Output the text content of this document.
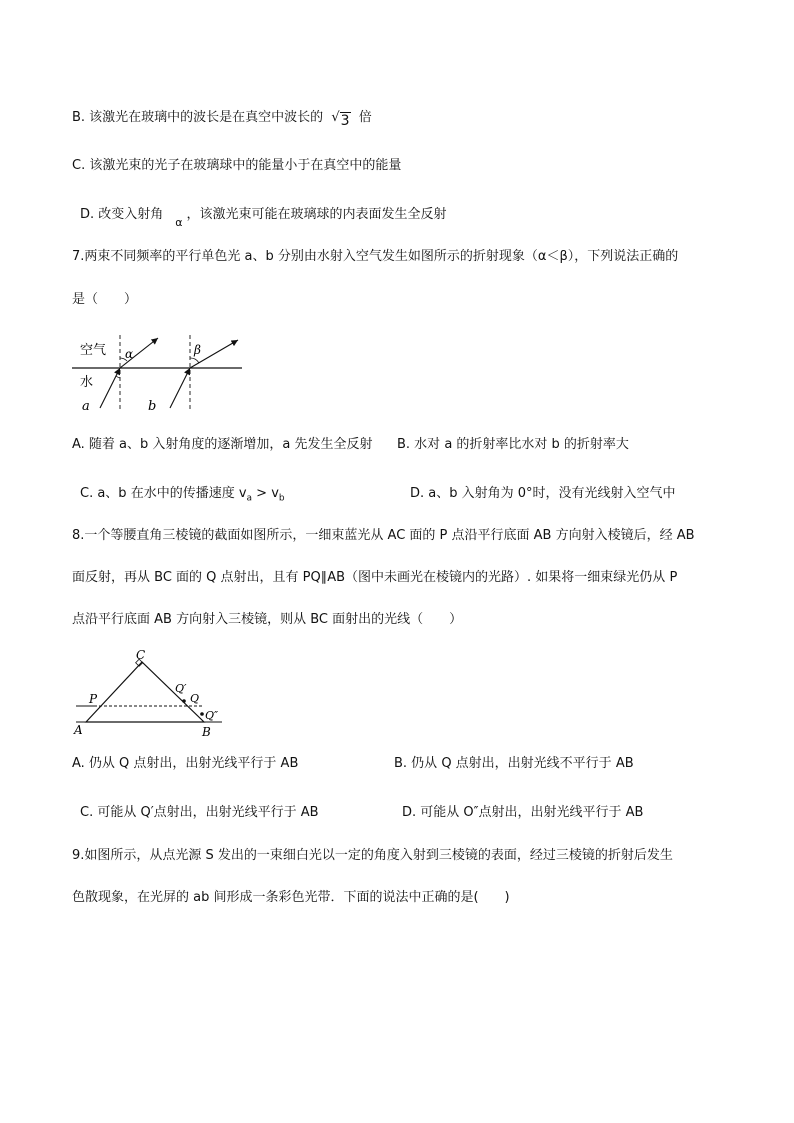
B. 该激光在玻璃中的波长是在真空中波长的 √3 倍
C. 该激光束的光子在玻璃球中的能量小于在真空中的能量
D. 改变入射角$_\alpha$，该激光束可能在玻璃球的内表面发生全反射
7.两束不同频率的平行单色光 a、b 分别由水射入空气发生如图所示的折射现象（α＜β），下列说法正确的
是（　　）
空气
水
α	β
a	b
A. 随着 a、b 入射角度的逐渐增加，a 先发生全反射 B. 水对 a 的折射率比水对 b 的折射率大
C. a、b 在水中的传播速度 $v_a > v_b$	D. a、b 入射角为 0°时，没有光线射入空气中
8.一个等腰直角三棱镜的截面如图所示，一细束蓝光从 AC 面的 P 点沿平行底面 AB 方向射入棱镜后，经 AB
面反射，再从 BC 面的 Q 点射出，且有 PQ∥AB（图中未画光在棱镜内的光路）. 如果将一细束绿光仍从 P
点沿平行底面 AB 方向射入三棱镜，则从 BC 面射出的光线（　　）
C
P
Q′
Q
Q″
A	B
A. 仍从 Q 点射出，出射光线平行于 AB	B. 仍从 Q 点射出，出射光线不平行于 AB
C. 可能从 Q′点射出，出射光线平行于 AB	D. 可能从 O″点射出，出射光线平行于 AB
9.如图所示，从点光源 S 发出的一束细白光以一定的角度入射到三棱镜的表面，经过三棱镜的折射后发生
色散现象，在光屏的 ab 间形成一条彩色光带．下面的说法中正确的是(　　)
